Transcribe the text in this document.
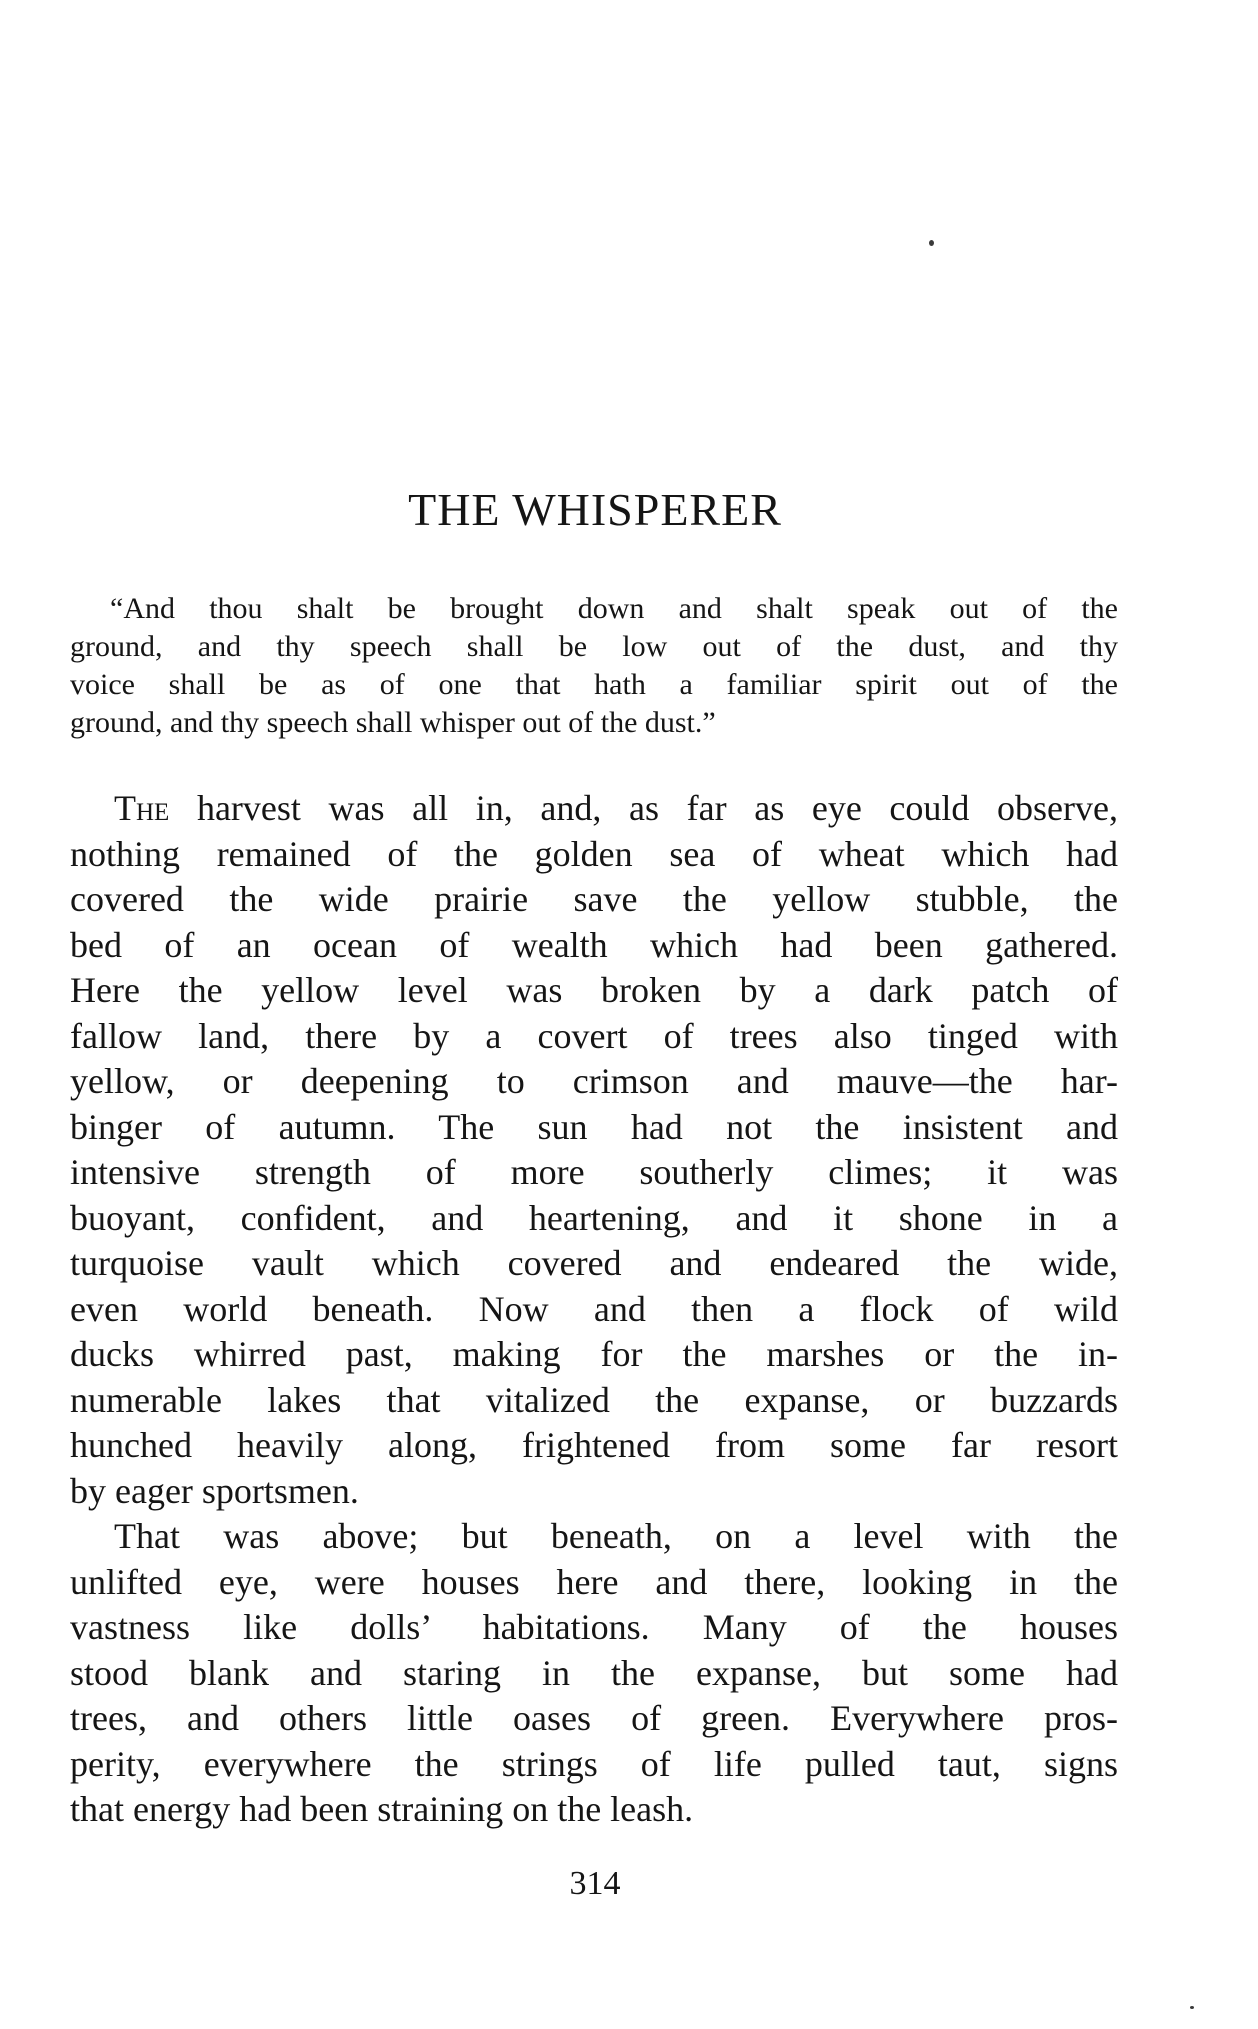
THE WHISPERER

“And thou shalt be brought down and shalt speak out of the
ground, and thy speech shall be low out of the dust, and thy
voice shall be as of one that hath a familiar spirit out of the
ground, and thy speech shall whisper out of the dust.”

The harvest was all in, and, as far as eye could observe,
nothing remained of the golden sea of wheat which had
covered the wide prairie save the yellow stubble, the
bed of an ocean of wealth which had been gathered.
Here the yellow level was broken by a dark patch of
fallow land, there by a covert of trees also tinged with
yellow, or deepening to crimson and mauve—the har-
binger of autumn. The sun had not the insistent and
intensive strength of more southerly climes; it was
buoyant, confident, and heartening, and it shone in a
turquoise vault which covered and endeared the wide,
even world beneath. Now and then a flock of wild
ducks whirred past, making for the marshes or the in-
numerable lakes that vitalized the expanse, or buzzards
hunched heavily along, frightened from some far resort
by eager sportsmen.
That was above; but beneath, on a level with the
unlifted eye, were houses here and there, looking in the
vastness like dolls’ habitations. Many of the houses
stood blank and staring in the expanse, but some had
trees, and others little oases of green. Everywhere pros-
perity, everywhere the strings of life pulled taut, signs
that energy had been straining on the leash.

314
